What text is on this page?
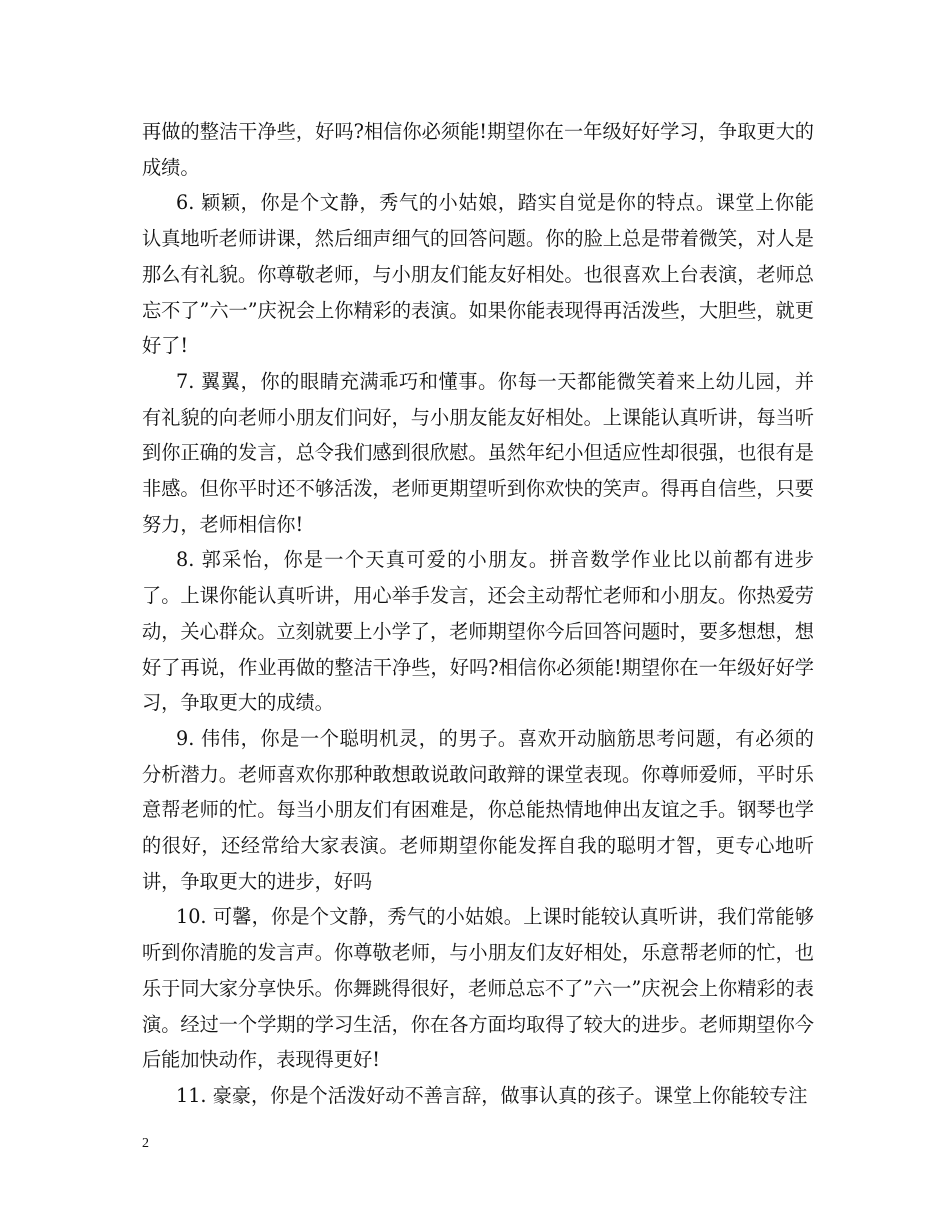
再做的整洁干净些，好吗?相信你必须能!期望你在一年级好好学习，争取更大的成绩。

6. 颖颖，你是个文静，秀气的小姑娘，踏实自觉是你的特点。课堂上你能认真地听老师讲课，然后细声细气的回答问题。你的脸上总是带着微笑，对人是那么有礼貌。你尊敬老师，与小朋友们能友好相处。也很喜欢上台表演，老师总忘不了”六一”庆祝会上你精彩的表演。如果你能表现得再活泼些，大胆些，就更好了!

7. 翼翼，你的眼睛充满乖巧和懂事。你每一天都能微笑着来上幼儿园，并有礼貌的向老师小朋友们问好，与小朋友能友好相处。上课能认真听讲，每当听到你正确的发言，总令我们感到很欣慰。虽然年纪小但适应性却很强，也很有是非感。但你平时还不够活泼，老师更期望听到你欢快的笑声。得再自信些，只要努力，老师相信你!

8. 郭采怡，你是一个天真可爱的小朋友。拼音数学作业比以前都有进步了。上课你能认真听讲，用心举手发言，还会主动帮忙老师和小朋友。你热爱劳动，关心群众。立刻就要上小学了，老师期望你今后回答问题时，要多想想，想好了再说，作业再做的整洁干净些，好吗?相信你必须能!期望你在一年级好好学习，争取更大的成绩。

9. 伟伟，你是一个聪明机灵，的男子。喜欢开动脑筋思考问题，有必须的分析潜力。老师喜欢你那种敢想敢说敢问敢辩的课堂表现。你尊师爱师，平时乐意帮老师的忙。每当小朋友们有困难是，你总能热情地伸出友谊之手。钢琴也学的很好，还经常给大家表演。老师期望你能发挥自我的聪明才智，更专心地听讲，争取更大的进步，好吗

10. 可馨，你是个文静，秀气的小姑娘。上课时能较认真听讲，我们常能够听到你清脆的发言声。你尊敬老师，与小朋友们友好相处，乐意帮老师的忙，也乐于同大家分享快乐。你舞跳得很好，老师总忘不了”六一”庆祝会上你精彩的表演。经过一个学期的学习生活，你在各方面均取得了较大的进步。老师期望你今后能加快动作，表现得更好!

11. 豪豪，你是个活泼好动不善言辞，做事认真的孩子。课堂上你能较专注

2
